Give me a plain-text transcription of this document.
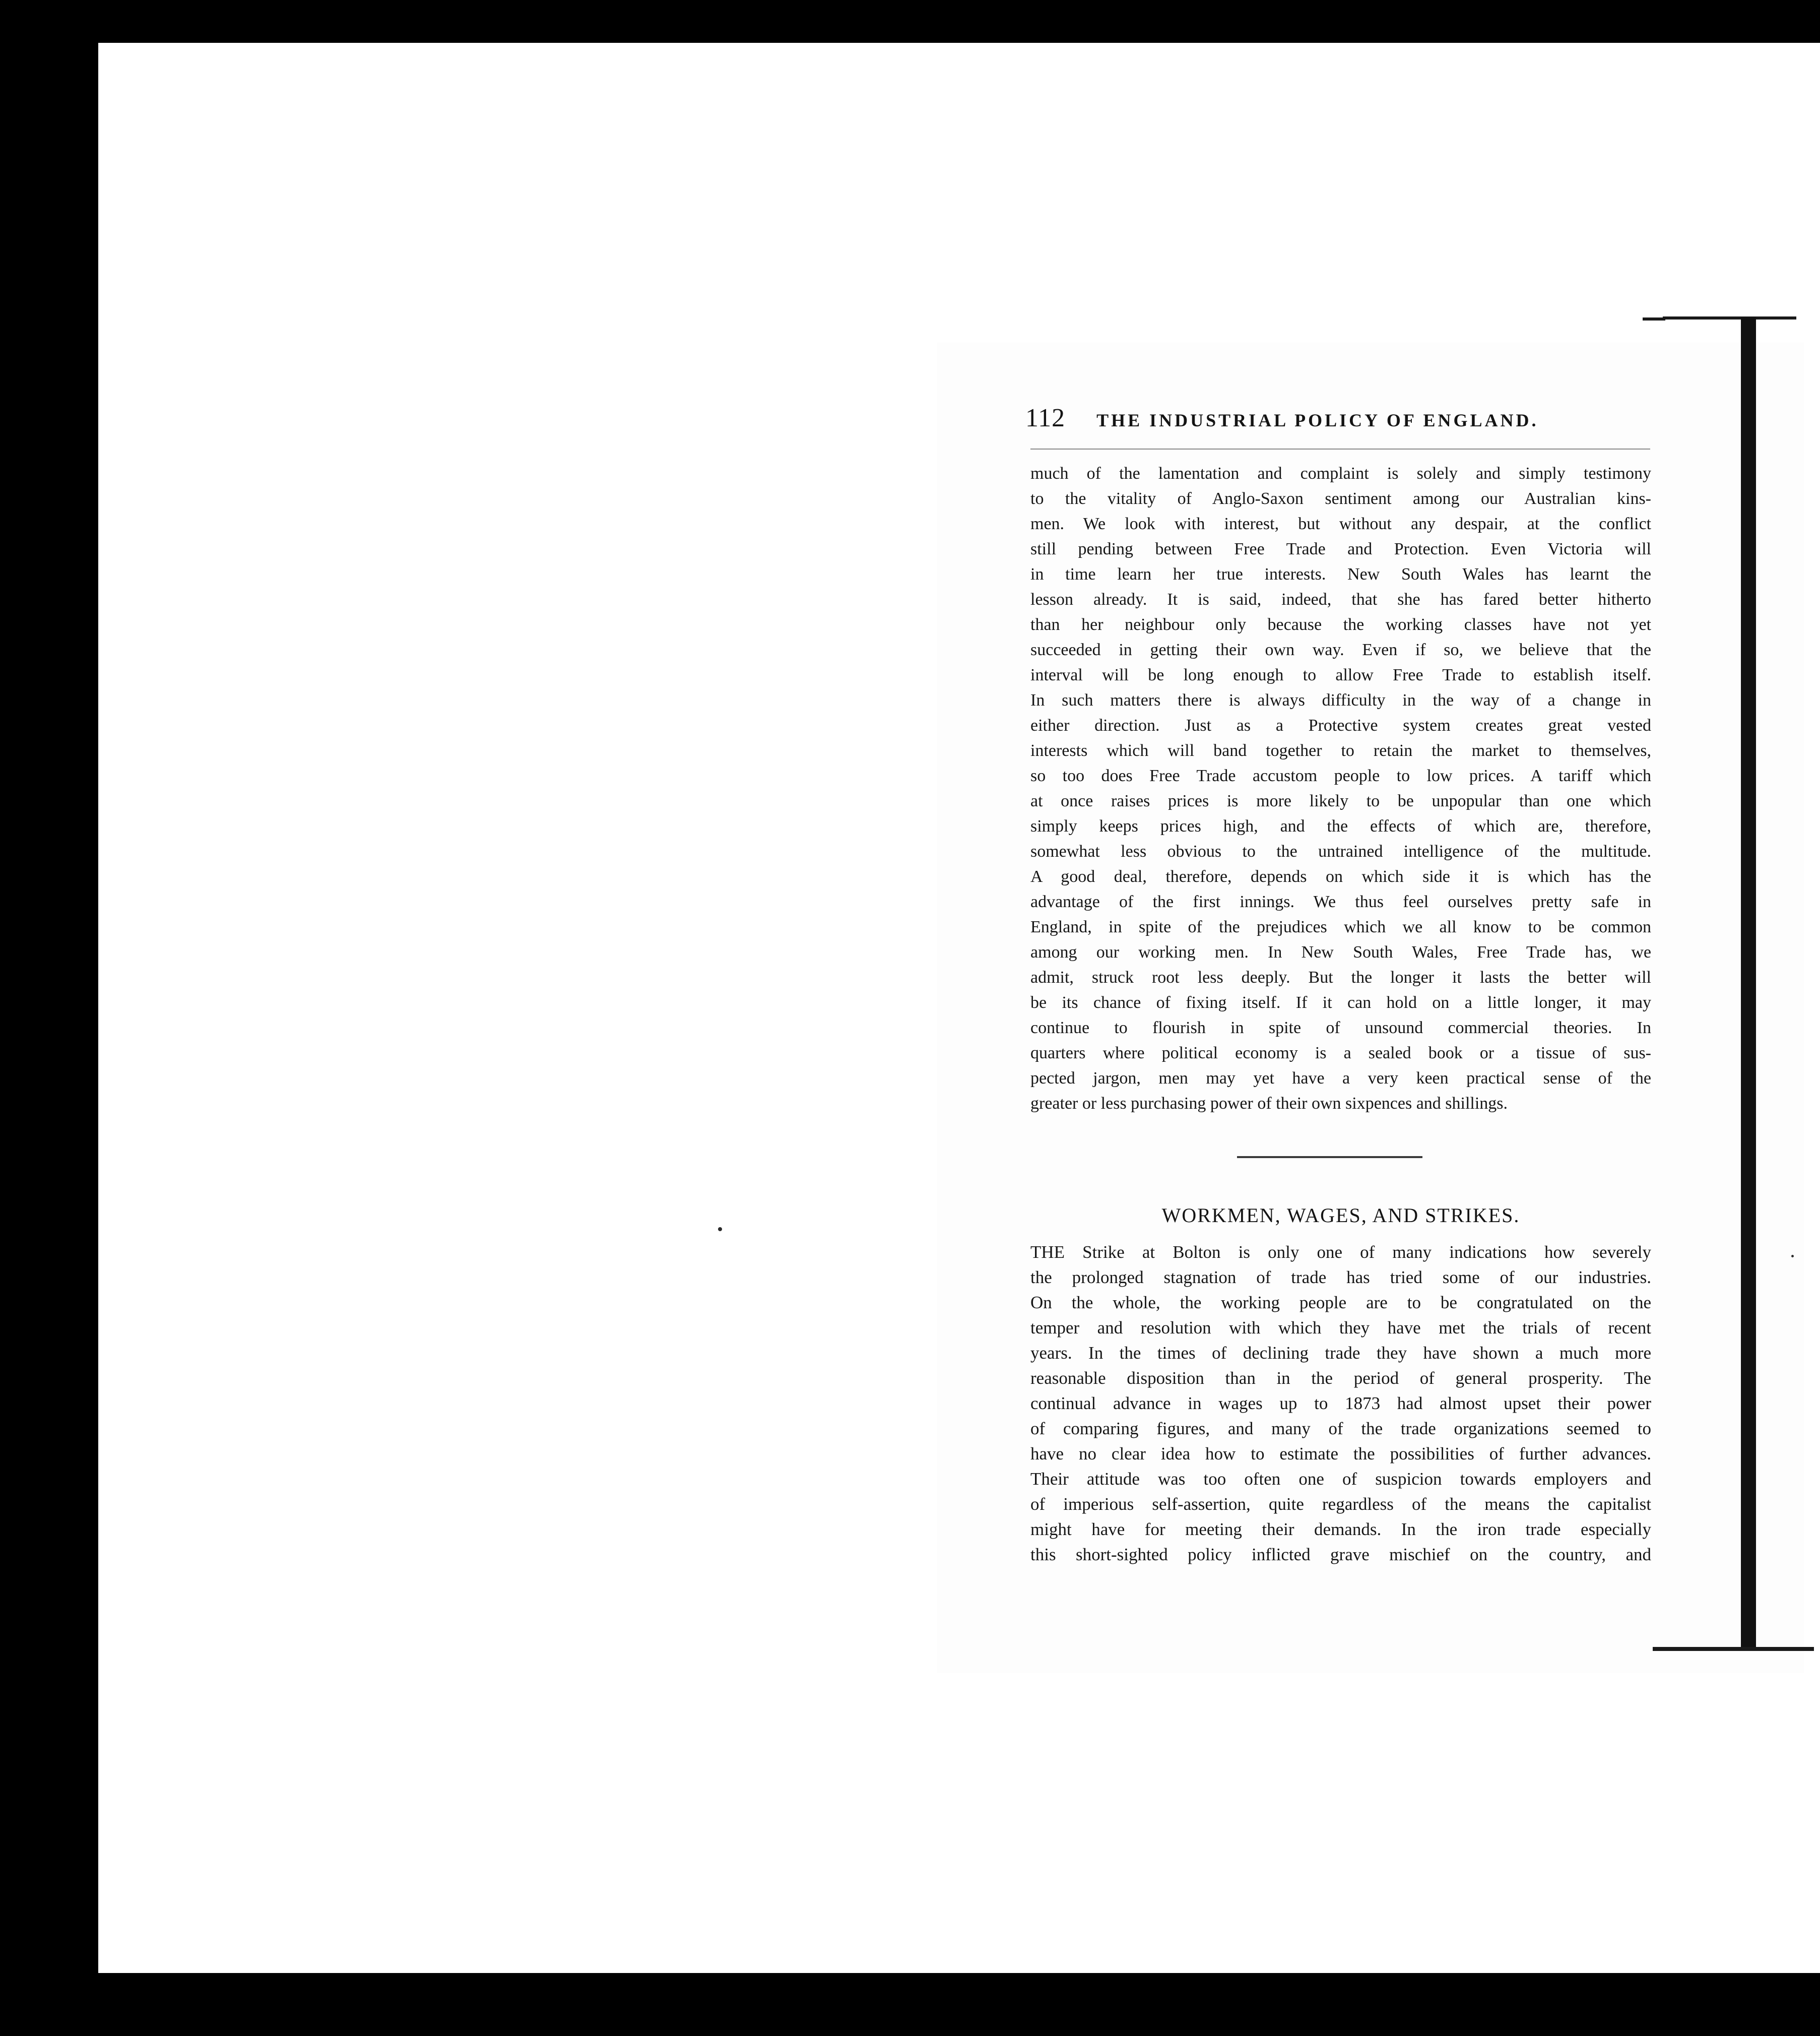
112 THE INDUSTRIAL POLICY OF ENGLAND.
much of the lamentation and complaint is solely and simply testimony
to the vitality of Anglo-Saxon sentiment among our Australian kins-
men. We look with interest, but without any despair, at the conflict
still pending between Free Trade and Protection. Even Victoria will
in time learn her true interests. New South Wales has learnt the
lesson already. It is said, indeed, that she has fared better hitherto
than her neighbour only because the working classes have not yet
succeeded in getting their own way. Even if so, we believe that the
interval will be long enough to allow Free Trade to establish itself.
In such matters there is always difficulty in the way of a change in
either direction. Just as a Protective system creates great vested
interests which will band together to retain the market to themselves,
so too does Free Trade accustom people to low prices. A tariff which
at once raises prices is more likely to be unpopular than one which
simply keeps prices high, and the effects of which are, therefore,
somewhat less obvious to the untrained intelligence of the multitude.
A good deal, therefore, depends on which side it is which has the
advantage of the first innings. We thus feel ourselves pretty safe in
England, in spite of the prejudices which we all know to be common
among our working men. In New South Wales, Free Trade has, we
admit, struck root less deeply. But the longer it lasts the better will
be its chance of fixing itself. If it can hold on a little longer, it may
continue to flourish in spite of unsound commercial theories. In
quarters where political economy is a sealed book or a tissue of sus-
pected jargon, men may yet have a very keen practical sense of the
greater or less purchasing power of their own sixpences and shillings.
WORKMEN, WAGES, AND STRIKES.
THE Strike at Bolton is only one of many indications how severely
the prolonged stagnation of trade has tried some of our industries.
On the whole, the working people are to be congratulated on the
temper and resolution with which they have met the trials of recent
years. In the times of declining trade they have shown a much more
reasonable disposition than in the period of general prosperity. The
continual advance in wages up to 1873 had almost upset their power
of comparing figures, and many of the trade organizations seemed to
have no clear idea how to estimate the possibilities of further advances.
Their attitude was too often one of suspicion towards employers and
of imperious self-assertion, quite regardless of the means the capitalist
might have for meeting their demands. In the iron trade especially
this short-sighted policy inflicted grave mischief on the country, and
